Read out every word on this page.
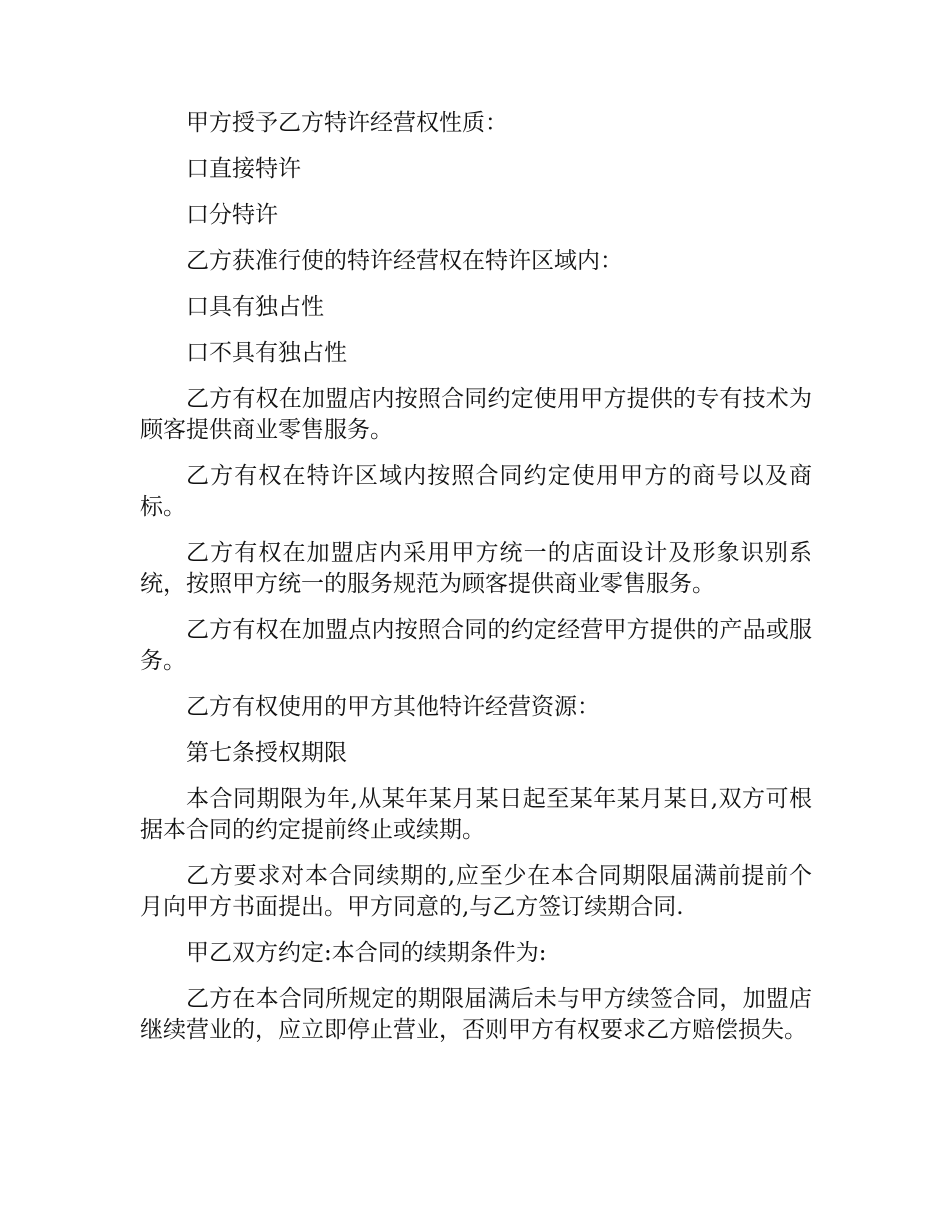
甲方授予乙方特许经营权性质：

口直接特许

口分特许

乙方获准行使的特许经营权在特许区域内：

口具有独占性

口不具有独占性

乙方有权在加盟店内按照合同约定使用甲方提供的专有技术为顾客提供商业零售服务。

乙方有权在特许区域内按照合同约定使用甲方的商号以及商标。

乙方有权在加盟店内采用甲方统一的店面设计及形象识别系统，按照甲方统一的服务规范为顾客提供商业零售服务。

乙方有权在加盟点内按照合同的约定经营甲方提供的产品或服务。

乙方有权使用的甲方其他特许经营资源：

第七条授权期限

本合同期限为年,从某年某月某日起至某年某月某日,双方可根据本合同的约定提前终止或续期。

乙方要求对本合同续期的,应至少在本合同期限届满前提前个月向甲方书面提出。甲方同意的,与乙方签订续期合同.

甲乙双方约定:本合同的续期条件为:

乙方在本合同所规定的期限届满后未与甲方续签合同，加盟店继续营业的，应立即停止营业，否则甲方有权要求乙方赔偿损失。
